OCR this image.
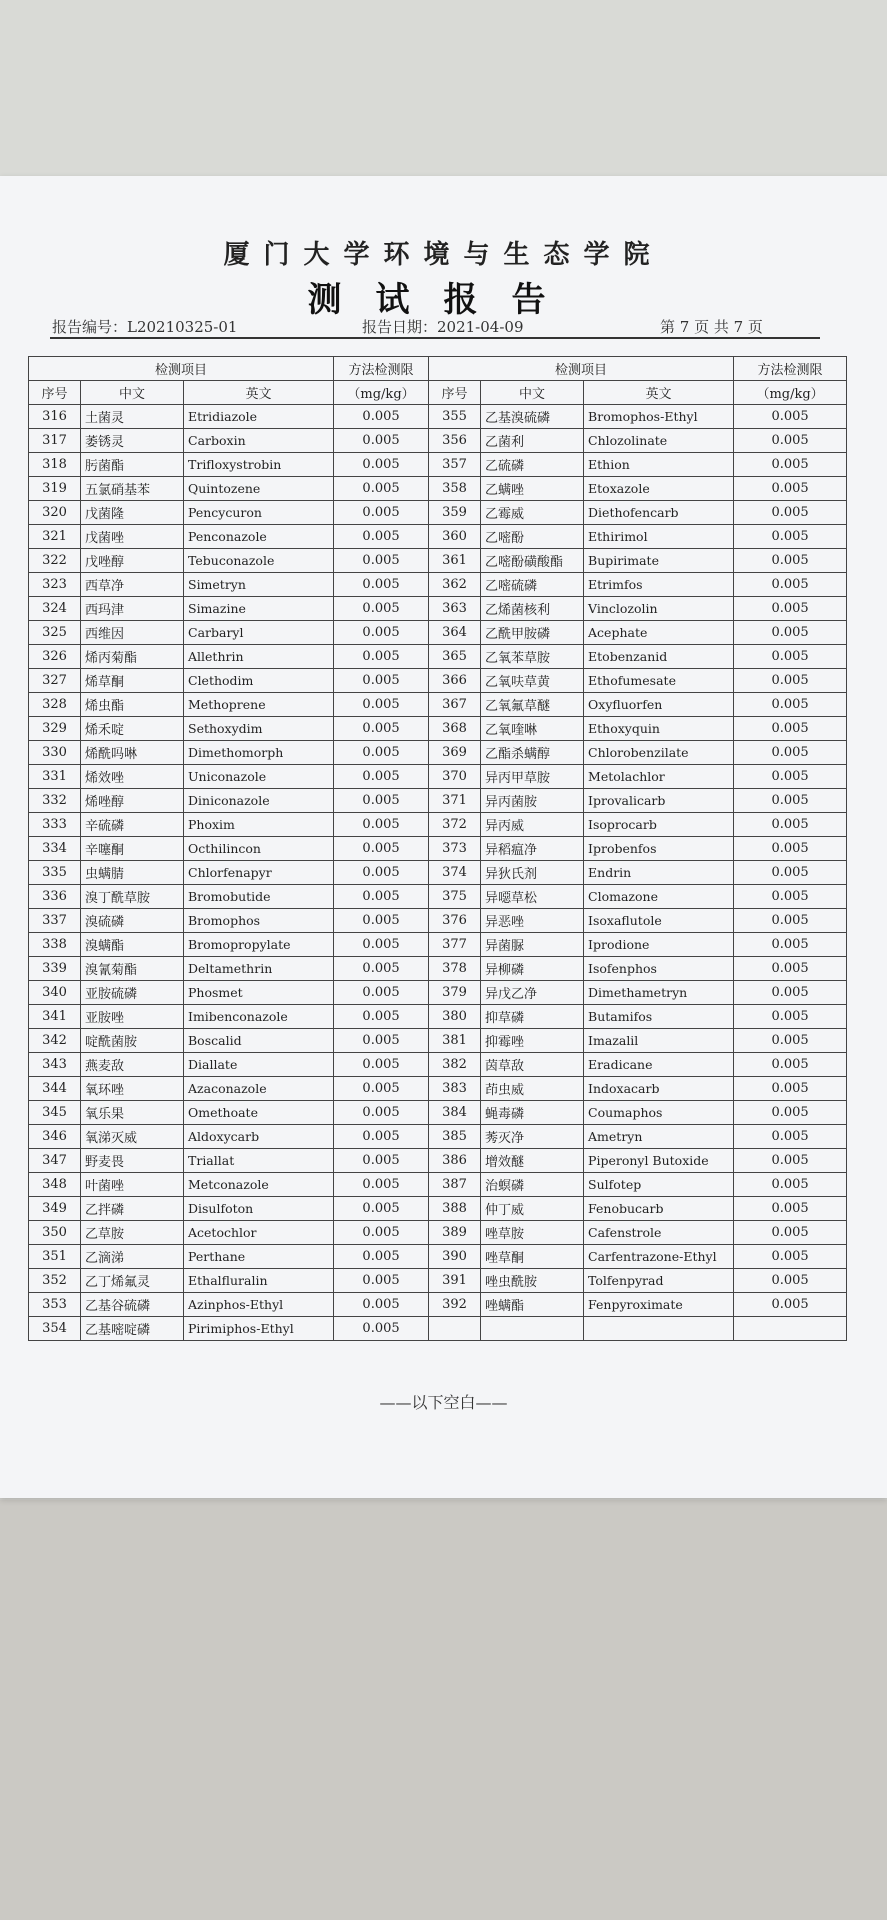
厦门大学环境与生态学院
测试报告
报告编号：L20210325-01	报告日期：2021-04-09	第 7 页 共 7 页
检测项目			方法检测限	检测项目			方法检测限
序号	中文	英文	（mg/kg）	序号	中文	英文	（mg/kg）
316	土菌灵	Etridiazole	0.005	355	乙基溴硫磷	Bromophos-Ethyl	0.005
317	萎锈灵	Carboxin	0.005	356	乙菌利	Chlozolinate	0.005
318	肟菌酯	Trifloxystrobin	0.005	357	乙硫磷	Ethion	0.005
319	五氯硝基苯	Quintozene	0.005	358	乙螨唑	Etoxazole	0.005
320	戊菌隆	Pencycuron	0.005	359	乙霉威	Diethofencarb	0.005
321	戊菌唑	Penconazole	0.005	360	乙嘧酚	Ethirimol	0.005
322	戊唑醇	Tebuconazole	0.005	361	乙嘧酚磺酸酯	Bupirimate	0.005
323	西草净	Simetryn	0.005	362	乙嘧硫磷	Etrimfos	0.005
324	西玛津	Simazine	0.005	363	乙烯菌核利	Vinclozolin	0.005
325	西维因	Carbaryl	0.005	364	乙酰甲胺磷	Acephate	0.005
326	烯丙菊酯	Allethrin	0.005	365	乙氧苯草胺	Etobenzanid	0.005
327	烯草酮	Clethodim	0.005	366	乙氧呋草黄	Ethofumesate	0.005
328	烯虫酯	Methoprene	0.005	367	乙氧氟草醚	Oxyfluorfen	0.005
329	烯禾啶	Sethoxydim	0.005	368	乙氧喹啉	Ethoxyquin	0.005
330	烯酰吗啉	Dimethomorph	0.005	369	乙酯杀螨醇	Chlorobenzilate	0.005
331	烯效唑	Uniconazole	0.005	370	异丙甲草胺	Metolachlor	0.005
332	烯唑醇	Diniconazole	0.005	371	异丙菌胺	Iprovalicarb	0.005
333	辛硫磷	Phoxim	0.005	372	异丙威	Isoprocarb	0.005
334	辛噻酮	Octhilincon	0.005	373	异稻瘟净	Iprobenfos	0.005
335	虫螨腈	Chlorfenapyr	0.005	374	异狄氏剂	Endrin	0.005
336	溴丁酰草胺	Bromobutide	0.005	375	异噁草松	Clomazone	0.005
337	溴硫磷	Bromophos	0.005	376	异恶唑	Isoxaflutole	0.005
338	溴螨酯	Bromopropylate	0.005	377	异菌脲	Iprodione	0.005
339	溴氰菊酯	Deltamethrin	0.005	378	异柳磷	Isofenphos	0.005
340	亚胺硫磷	Phosmet	0.005	379	异戊乙净	Dimethametryn	0.005
341	亚胺唑	Imibenconazole	0.005	380	抑草磷	Butamifos	0.005
342	啶酰菌胺	Boscalid	0.005	381	抑霉唑	Imazalil	0.005
343	燕麦敌	Diallate	0.005	382	茵草敌	Eradicane	0.005
344	氧环唑	Azaconazole	0.005	383	茚虫威	Indoxacarb	0.005
345	氧乐果	Omethoate	0.005	384	蝇毒磷	Coumaphos	0.005
346	氧涕灭威	Aldoxycarb	0.005	385	莠灭净	Ametryn	0.005
347	野麦畏	Triallat	0.005	386	增效醚	Piperonyl Butoxide	0.005
348	叶菌唑	Metconazole	0.005	387	治螟磷	Sulfotep	0.005
349	乙拌磷	Disulfoton	0.005	388	仲丁威	Fenobucarb	0.005
350	乙草胺	Acetochlor	0.005	389	唑草胺	Cafenstrole	0.005
351	乙滴涕	Perthane	0.005	390	唑草酮	Carfentrazone-Ethyl	0.005
352	乙丁烯氟灵	Ethalfluralin	0.005	391	唑虫酰胺	Tolfenpyrad	0.005
353	乙基谷硫磷	Azinphos-Ethyl	0.005	392	唑螨酯	Fenpyroximate	0.005
354	乙基嘧啶磷	Pirimiphos-Ethyl	0.005				
——以下空白——
